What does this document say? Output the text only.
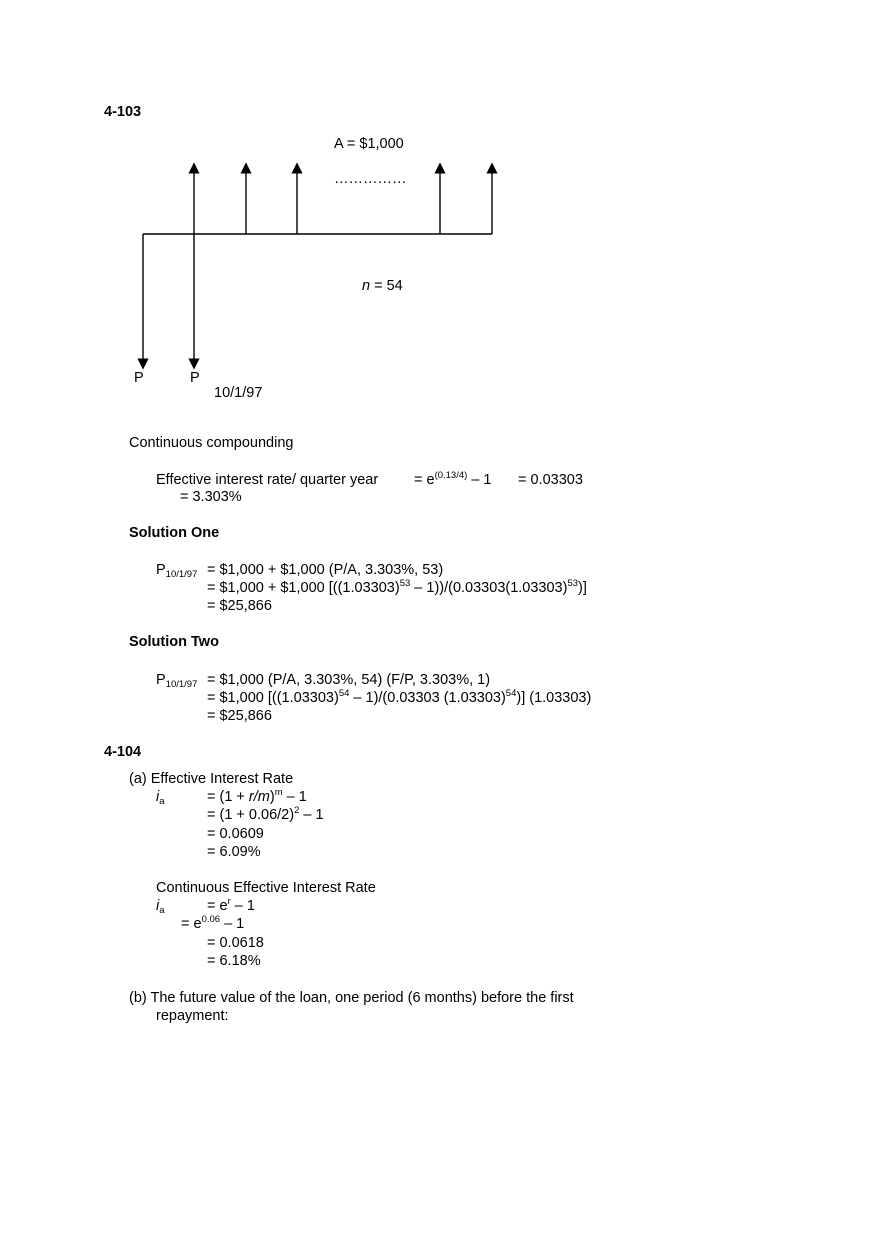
4-103
A = $1,000
……………
n = 54
P	P
10/1/97
Continuous compounding
Effective interest rate/ quarter year = $e^{(0.13/4)} - 1 = 0.03303$
= 3.303%
Solution One
$P_{10/1/97}$ = $1,000 + $1,000 (P/A, 3.303%, 53)
= $1,000 + $1,000 $[((1.03303)^{53} - 1))/(0.03303(1.03303)^{53})$]
= $25,866
Solution Two
$P_{10/1/97}$ = $1,000 (P/A, 3.303%, 54) (F/P, 3.303%, 1)
= $1,000 [$((1.03303)^{54} - 1)/(0.03303$ $(1.03303)^{54}$)] (1.03303)
= $25,866
4-104
(a) Effective Interest Rate
$i_a$	= $(1 + r/m)^m - 1$
= $(1 + 0.06/2)^2 - 1$
= 0.0609
= 6.09%
Continuous Effective Interest Rate
$i_a$	= $e^r - 1$
= $e^{0.06} - 1$
= 0.0618
= 6.18%
(b) The future value of the loan, one period (6 months) before the first
repayment:
